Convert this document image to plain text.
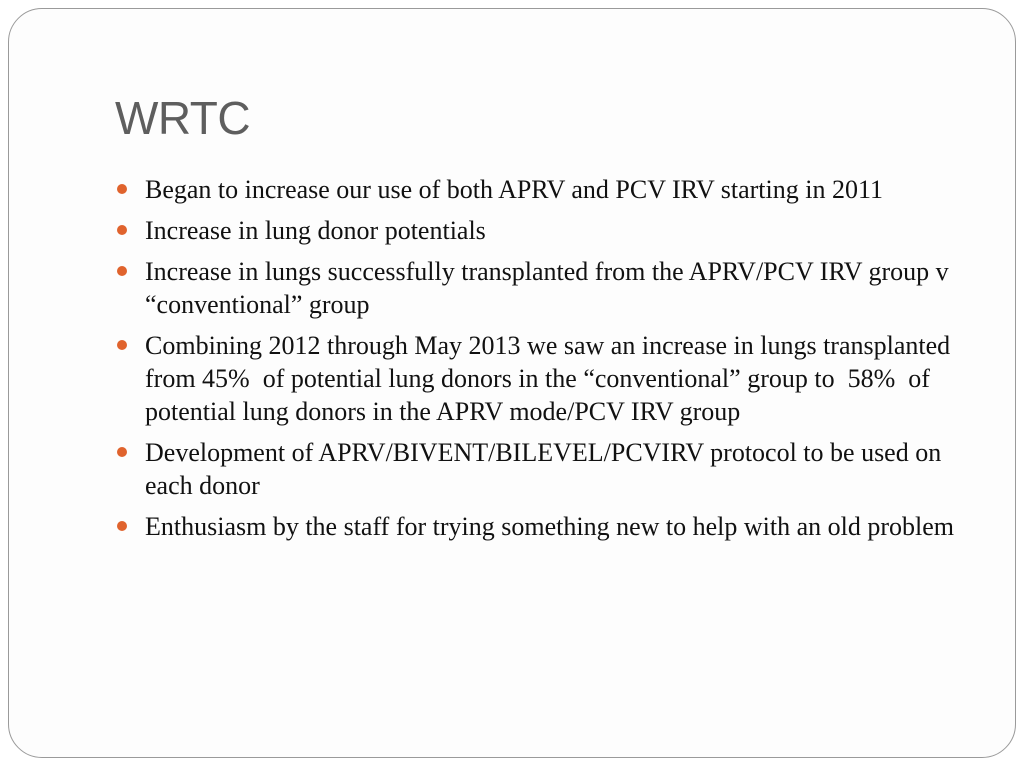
WRTC
Began to increase our use of both APRV and PCV IRV starting in 2011
Increase in lung donor potentials
Increase in lungs successfully transplanted from the APRV/PCV IRV group v “conventional” group
Combining 2012 through May 2013 we saw an increase in lungs transplanted from 45%  of potential lung donors in the “conventional” group to  58%  of potential lung donors in the APRV mode/PCV IRV group
Development of APRV/BIVENT/BILEVEL/PCVIRV protocol to be used on each donor
Enthusiasm by the staff for trying something new to help with an old problem
